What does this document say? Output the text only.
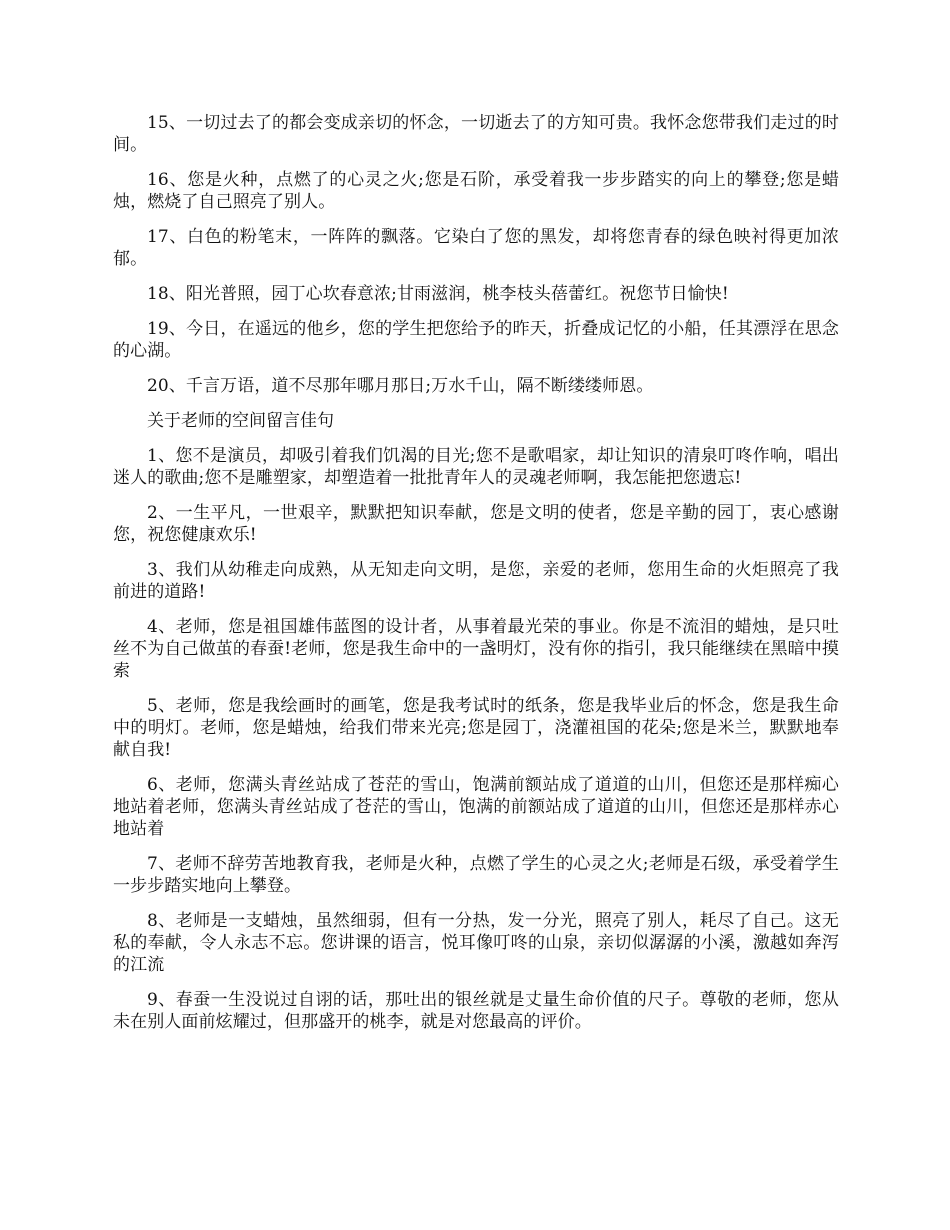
15、一切过去了的都会变成亲切的怀念，一切逝去了的方知可贵。我怀念您带我们走过的时间。

16、您是火种，点燃了的心灵之火;您是石阶，承受着我一步步踏实的向上的攀登;您是蜡烛，燃烧了自己照亮了别人。

17、白色的粉笔末，一阵阵的飘落。它染白了您的黑发，却将您青春的绿色映衬得更加浓郁。

18、阳光普照，园丁心坎春意浓;甘雨滋润，桃李枝头蓓蕾红。祝您节日愉快!

19、今日，在遥远的他乡，您的学生把您给予的昨天，折叠成记忆的小船，任其漂浮在思念的心湖。

20、千言万语，道不尽那年哪月那日;万水千山，隔不断缕缕师恩。

关于老师的空间留言佳句

1、您不是演员，却吸引着我们饥渴的目光;您不是歌唱家，却让知识的清泉叮咚作响，唱出迷人的歌曲;您不是雕塑家，却塑造着一批批青年人的灵魂老师啊，我怎能把您遗忘!

2、一生平凡，一世艰辛，默默把知识奉献，您是文明的使者，您是辛勤的园丁，衷心感谢您，祝您健康欢乐!

3、我们从幼稚走向成熟，从无知走向文明，是您，亲爱的老师，您用生命的火炬照亮了我前进的道路!

4、老师，您是祖国雄伟蓝图的设计者，从事着最光荣的事业。你是不流泪的蜡烛，是只吐丝不为自己做茧的春蚕!老师，您是我生命中的一盏明灯，没有你的指引，我只能继续在黑暗中摸索

5、老师，您是我绘画时的画笔，您是我考试时的纸条，您是我毕业后的怀念，您是我生命中的明灯。老师，您是蜡烛，给我们带来光亮;您是园丁，浇灌祖国的花朵;您是米兰，默默地奉献自我!

6、老师，您满头青丝站成了苍茫的雪山，饱满前额站成了道道的山川，但您还是那样痴心地站着老师，您满头青丝站成了苍茫的雪山，饱满的前额站成了道道的山川，但您还是那样赤心地站着

7、老师不辞劳苦地教育我，老师是火种，点燃了学生的心灵之火;老师是石级，承受着学生一步步踏实地向上攀登。

8、老师是一支蜡烛，虽然细弱，但有一分热，发一分光，照亮了别人，耗尽了自己。这无私的奉献，令人永志不忘。您讲课的语言，悦耳像叮咚的山泉，亲切似潺潺的小溪，激越如奔泻的江流

9、春蚕一生没说过自诩的话，那吐出的银丝就是丈量生命价值的尺子。尊敬的老师，您从未在别人面前炫耀过，但那盛开的桃李，就是对您最高的评价。
